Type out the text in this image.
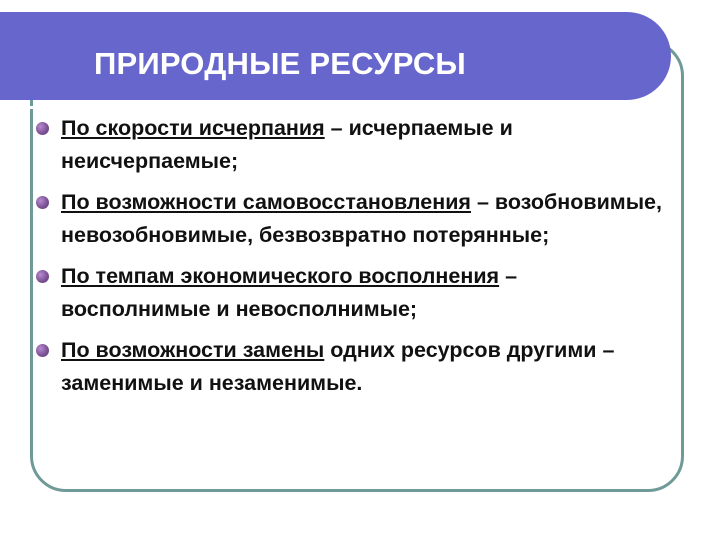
ПРИРОДНЫЕ РЕСУРСЫ
По скорости исчерпания – исчерпаемые и неисчерпаемые;
По возможности самовосстановления – возобновимые, невозобновимые, безвозвратно потерянные;
По темпам экономического восполнения – восполнимые и невосполнимые;
По возможности замены одних ресурсов другими – заменимые и незаменимые.
